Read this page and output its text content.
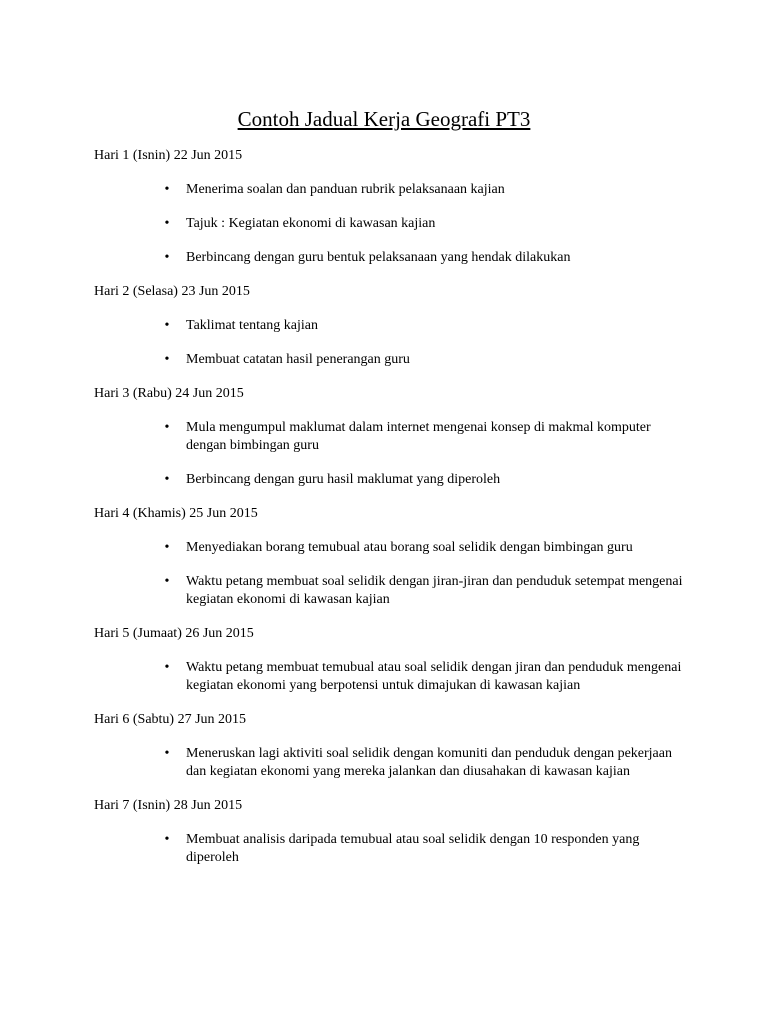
Contoh Jadual Kerja Geografi PT3

Hari 1 (Isnin) 22 Jun 2015

• Menerima soalan dan panduan rubrik pelaksanaan kajian
• Tajuk : Kegiatan ekonomi di kawasan kajian
• Berbincang dengan guru bentuk pelaksanaan yang hendak dilakukan

Hari 2 (Selasa) 23 Jun 2015

• Taklimat tentang kajian
• Membuat catatan hasil penerangan guru

Hari 3 (Rabu) 24 Jun 2015

• Mula mengumpul maklumat dalam internet mengenai konsep di makmal komputer dengan bimbingan guru
• Berbincang dengan guru hasil maklumat yang diperoleh

Hari 4 (Khamis) 25 Jun 2015

• Menyediakan borang temubual atau borang soal selidik dengan bimbingan guru
• Waktu petang membuat soal selidik dengan jiran-jiran dan penduduk setempat mengenai kegiatan ekonomi di kawasan kajian

Hari 5 (Jumaat) 26 Jun 2015

• Waktu petang membuat temubual atau soal selidik dengan jiran dan penduduk mengenai kegiatan ekonomi yang berpotensi untuk dimajukan di kawasan kajian

Hari 6 (Sabtu) 27 Jun 2015

• Meneruskan lagi aktiviti soal selidik dengan komuniti dan penduduk dengan pekerjaan dan kegiatan ekonomi yang mereka jalankan dan diusahakan di kawasan kajian

Hari 7 (Isnin) 28 Jun 2015

• Membuat analisis daripada temubual atau soal selidik dengan 10 responden yang diperoleh
